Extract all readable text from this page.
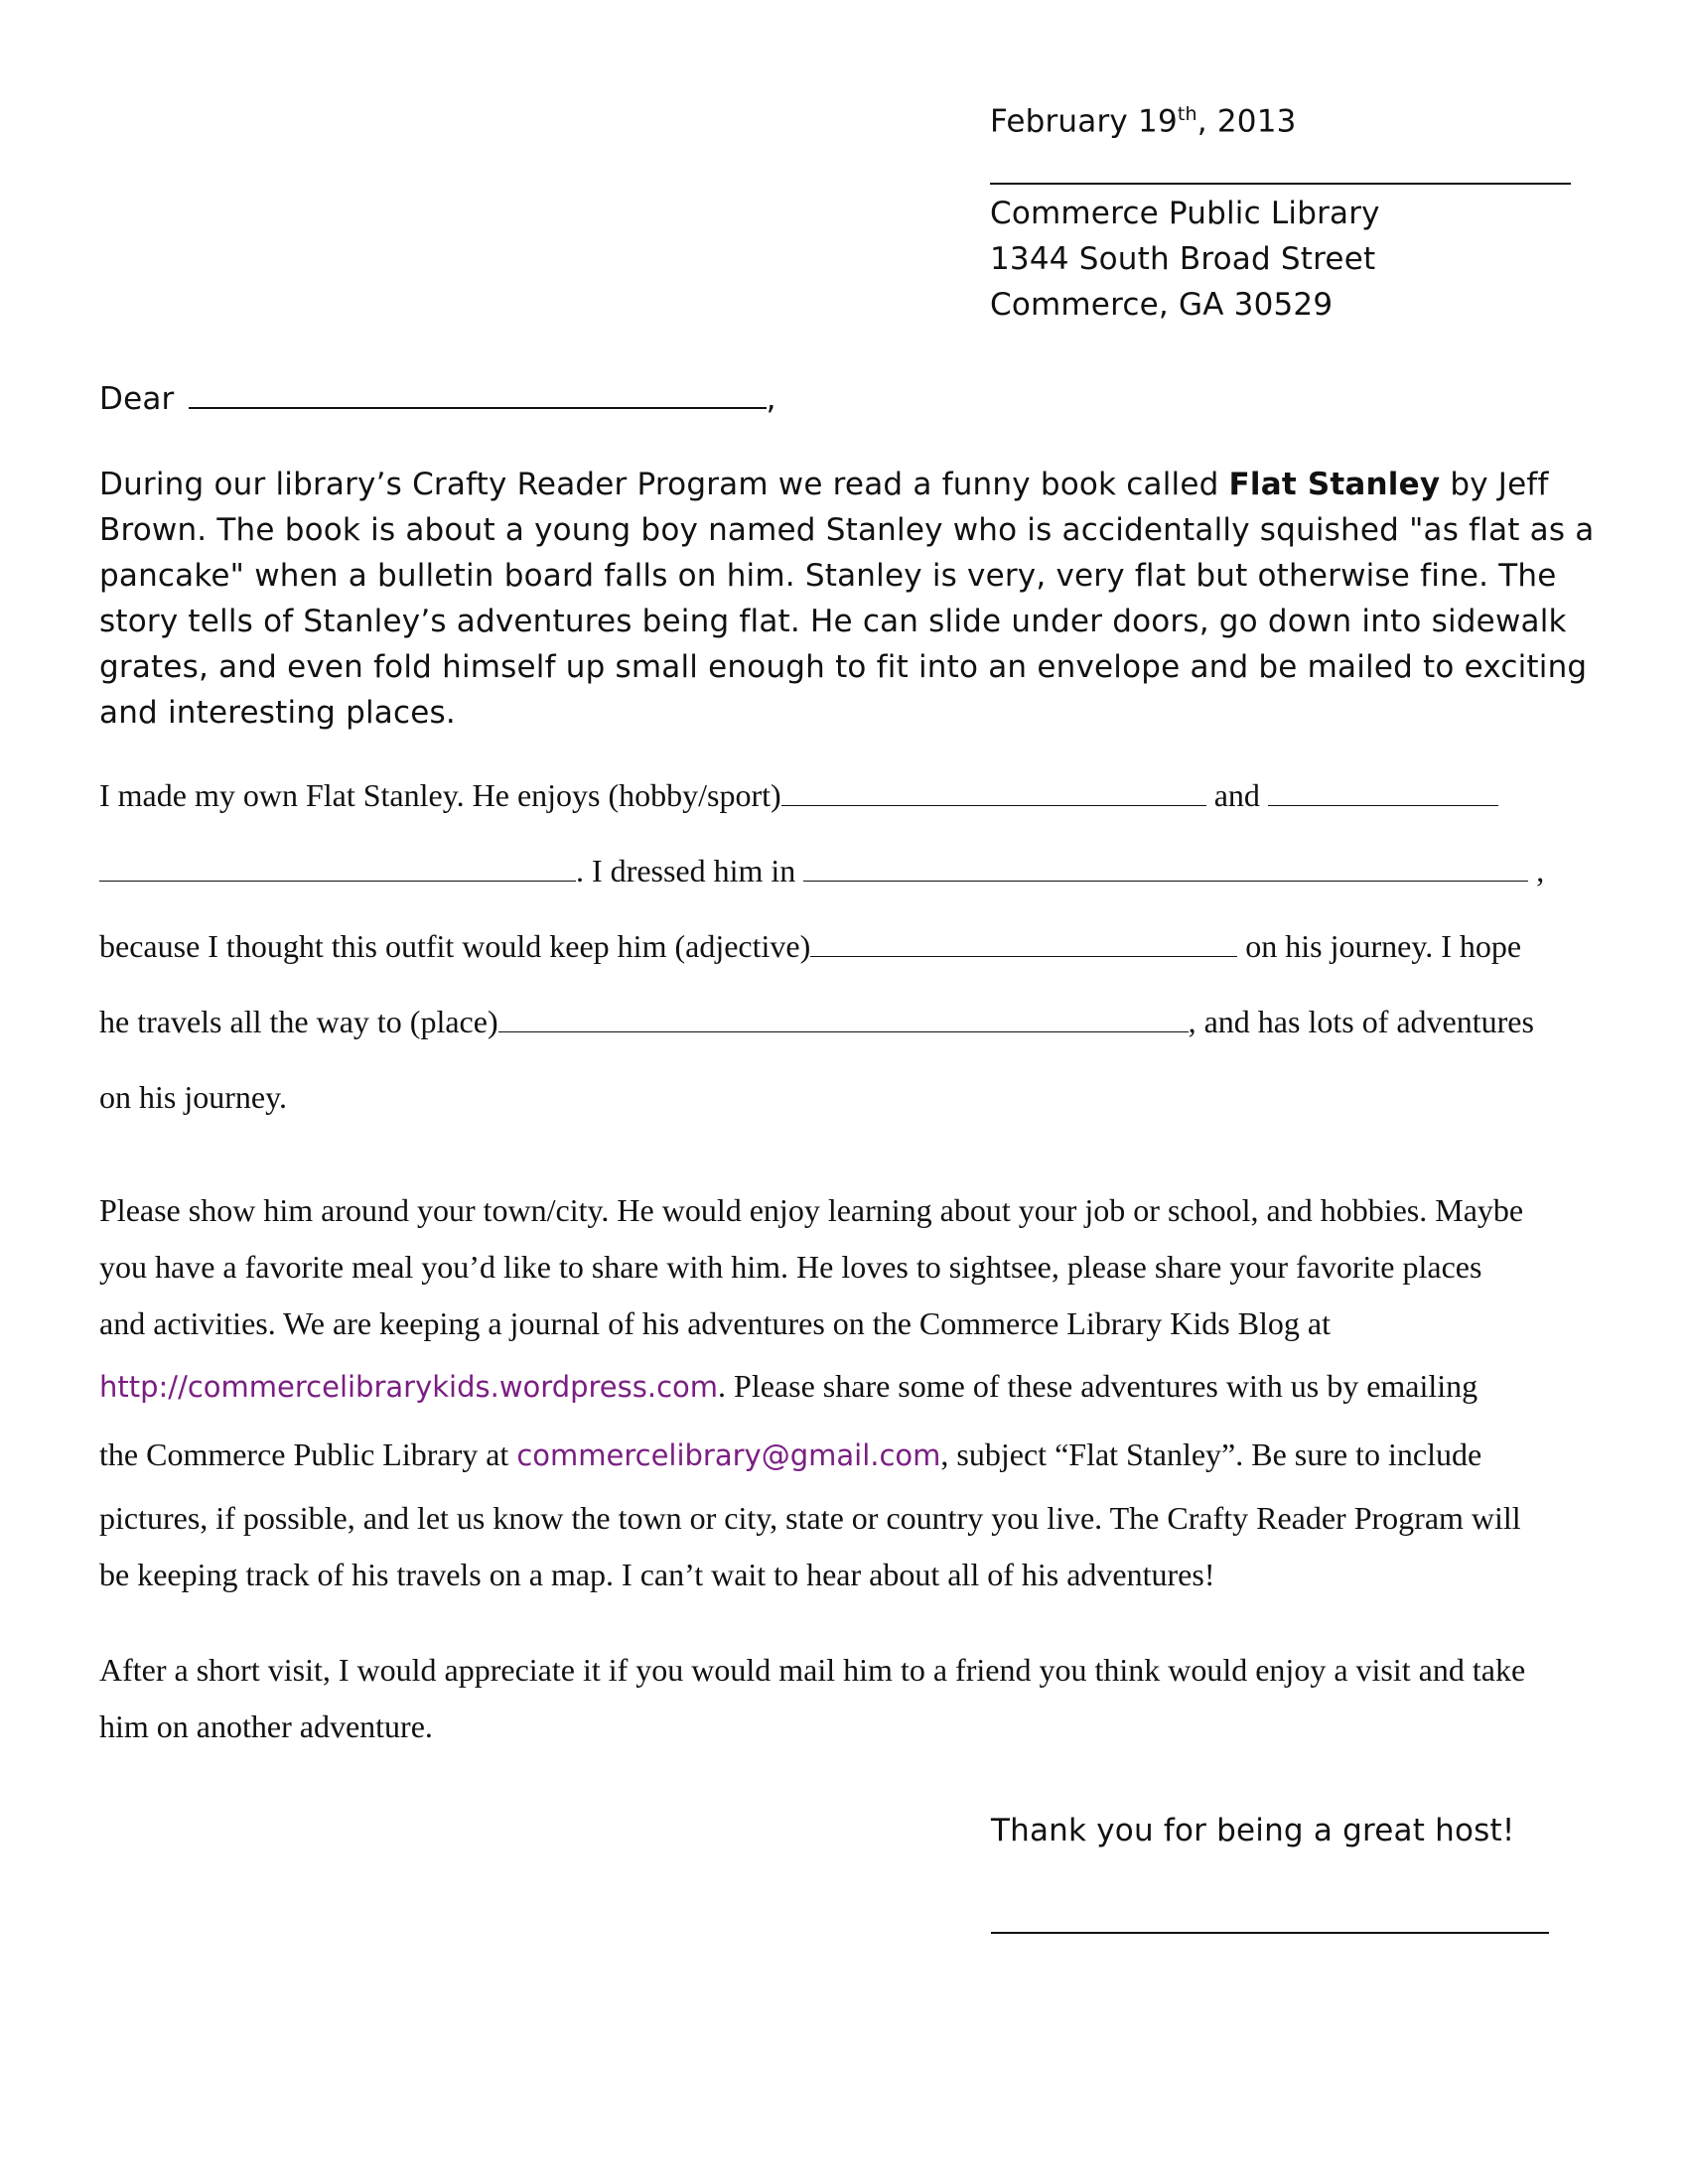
February 19th, 2013
Commerce Public Library
1344 South Broad Street
Commerce, GA 30529
Dear	,
During our library’s Crafty Reader Program we read a funny book called Flat Stanley by Jeff
Brown. The book is about a young boy named Stanley who is accidentally squished "as flat as a
pancake" when a bulletin board falls on him. Stanley is very, very flat but otherwise fine. The
story tells of Stanley’s adventures being flat. He can slide under doors, go down into sidewalk
grates, and even fold himself up small enough to fit into an envelope and be mailed to exciting
and interesting places.
I made my own Flat Stanley. He enjoys (hobby/sport)	and
. I dressed him in	,
because I thought this outfit would keep him (adjective)	on his journey. I hope
he travels all the way to (place)	, and has lots of adventures
on his journey.
Please show him around your town/city. He would enjoy learning about your job or school, and hobbies. Maybe
you have a favorite meal you’d like to share with him. He loves to sightsee, please share your favorite places
and activities. We are keeping a journal of his adventures on the Commerce Library Kids Blog at
http://commercelibrarykids.wordpress.com. Please share some of these adventures with us by emailing
the Commerce Public Library at commercelibrary@gmail.com, subject “Flat Stanley”. Be sure to include
pictures, if possible, and let us know the town or city, state or country you live. The Crafty Reader Program will
be keeping track of his travels on a map. I can’t wait to hear about all of his adventures!
After a short visit, I would appreciate it if you would mail him to a friend you think would enjoy a visit and take
him on another adventure.
Thank you for being a great host!
